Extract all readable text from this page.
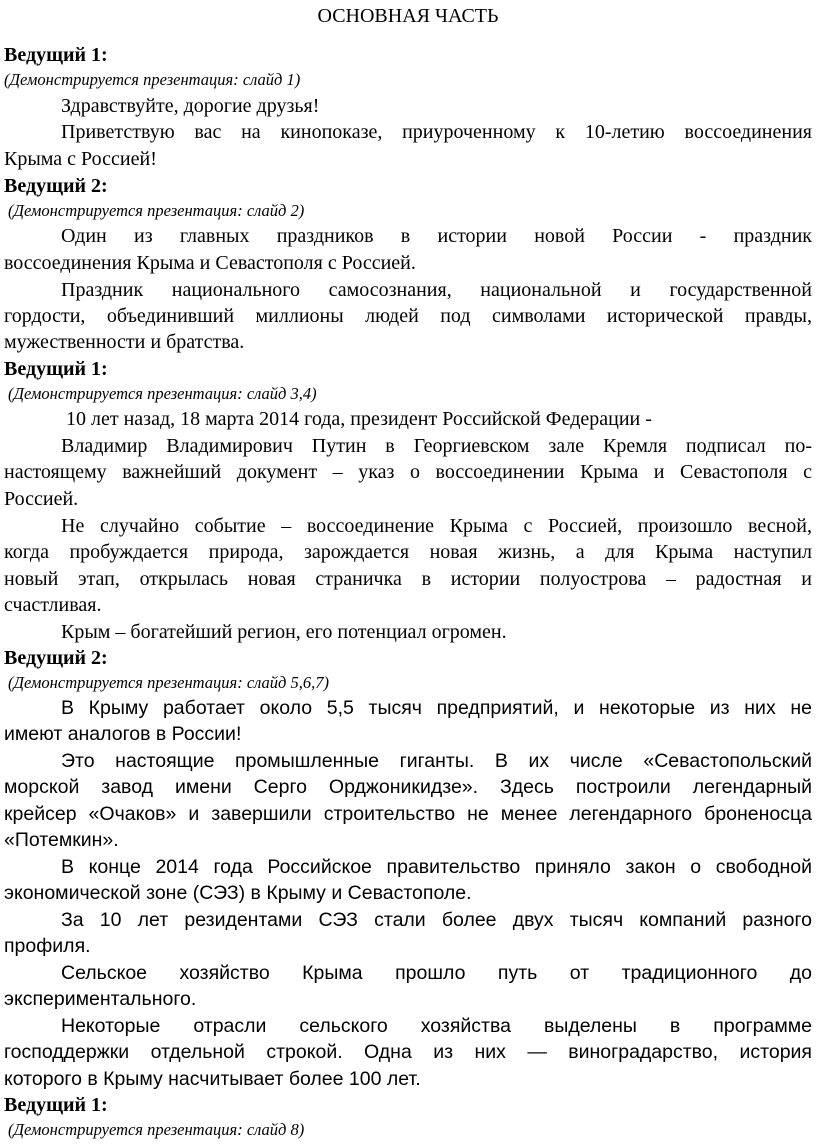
ОСНОВНАЯ ЧАСТЬ
Ведущий 1:
(Демонстрируется презентация: слайд 1)
Здравствуйте, дорогие друзья!
Приветствую вас на кинопоказе, приуроченному к 10-летию воссоединения
Крыма с Россией!
Ведущий 2:
(Демонстрируется презентация: слайд 2)
Один из главных праздников в истории новой России - праздник
воссоединения Крыма и Севастополя с Россией.
Праздник национального самосознания, национальной и государственной
гордости, объединивший миллионы людей под символами исторической правды,
мужественности и братства.
Ведущий 1:
(Демонстрируется презентация: слайд 3,4)
10 лет назад, 18 марта 2014 года, президент Российской Федерации -
Владимир Владимирович Путин в Георгиевском зале Кремля подписал по-
настоящему важнейший документ – указ о воссоединении Крыма и Севастополя с
Россией.
Не случайно событие – воссоединение Крыма с Россией, произошло весной,
когда пробуждается природа, зарождается новая жизнь, а для Крыма наступил
новый этап, открылась новая страничка в истории полуострова – радостная и
счастливая.
Крым – богатейший регион, его потенциал огромен.
Ведущий 2:
(Демонстрируется презентация: слайд 5,6,7)
В Крыму работает около 5,5 тысяч предприятий, и некоторые из них не
имеют аналогов в России!
Это настоящие промышленные гиганты. В их числе «Севастопольский
морской завод имени Серго Орджоникидзе». Здесь построили легендарный
крейсер «Очаков» и завершили строительство не менее легендарного броненосца
«Потемкин».
В конце 2014 года Российское правительство приняло закон о свободной
экономической зоне (СЭЗ) в Крыму и Севастополе.
За 10 лет резидентами СЭЗ стали более двух тысяч компаний разного
профиля.
Сельское хозяйство Крыма прошло путь от традиционного до
экспериментального.
Некоторые отрасли сельского хозяйства выделены в программе
господдержки отдельной строкой. Одна из них — виноградарство, история
которого в Крыму насчитывает более 100 лет.
Ведущий 1:
(Демонстрируется презентация: слайд 8)
